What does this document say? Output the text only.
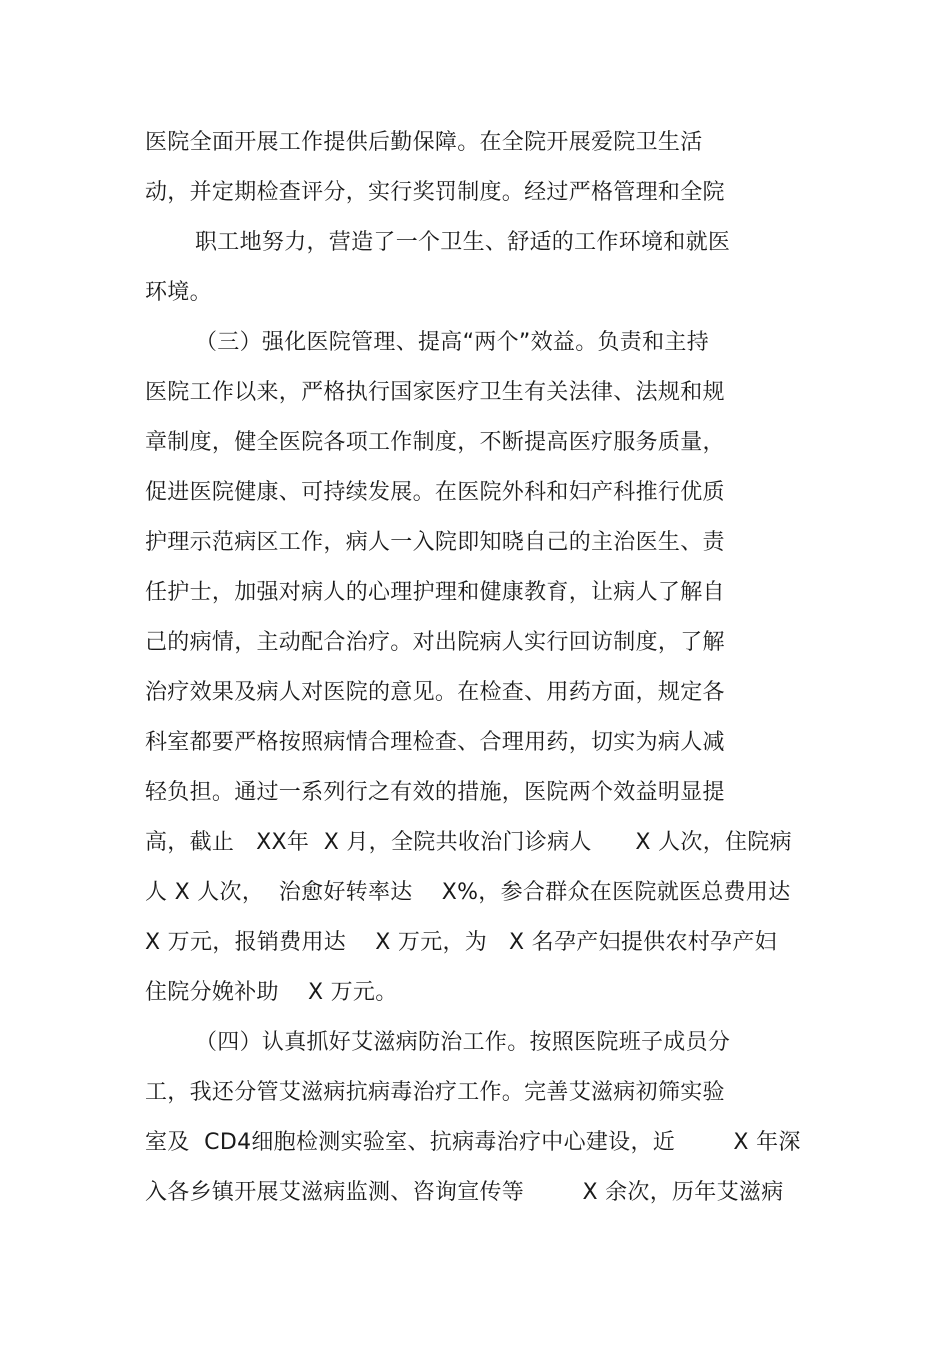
医院全面开展工作提供后勤保障。在全院开展爱院卫生活
动，并定期检查评分，实行奖罚制度。经过严格管理和全院
职工地努力，营造了一个卫生、舒适的工作环境和就医
环境。
（三）强化医院管理、提高“两个”效益。负责和主持
医院工作以来，严格执行国家医疗卫生有关法律、法规和规
章制度，健全医院各项工作制度，不断提高医疗服务质量，
促进医院健康、可持续发展。在医院外科和妇产科推行优质
护理示范病区工作，病人一入院即知晓自己的主治医生、责
任护士，加强对病人的心理护理和健康教育，让病人了解自
己的病情，主动配合治疗。对出院病人实行回访制度，了解
治疗效果及病人对医院的意见。在检查、用药方面，规定各
科室都要严格按照病情合理检查、合理用药，切实为病人减
轻负担。通过一系列行之有效的措施，医院两个效益明显提
高，截止   XX年  X 月，全院共收治门诊病人      X 人次，住院病
人 X 人次，  治愈好转率达    X%，参合群众在医院就医总费用达
X 万元，报销费用达    X 万元，为   X 名孕产妇提供农村孕产妇
住院分娩补助    X 万元。
（四）认真抓好艾滋病防治工作。按照医院班子成员分
工，我还分管艾滋病抗病毒治疗工作。完善艾滋病初筛实验
室及  CD4细胞检测实验室、抗病毒治疗中心建设，近        X 年深
入各乡镇开展艾滋病监测、咨询宣传等        X 余次，历年艾滋病
